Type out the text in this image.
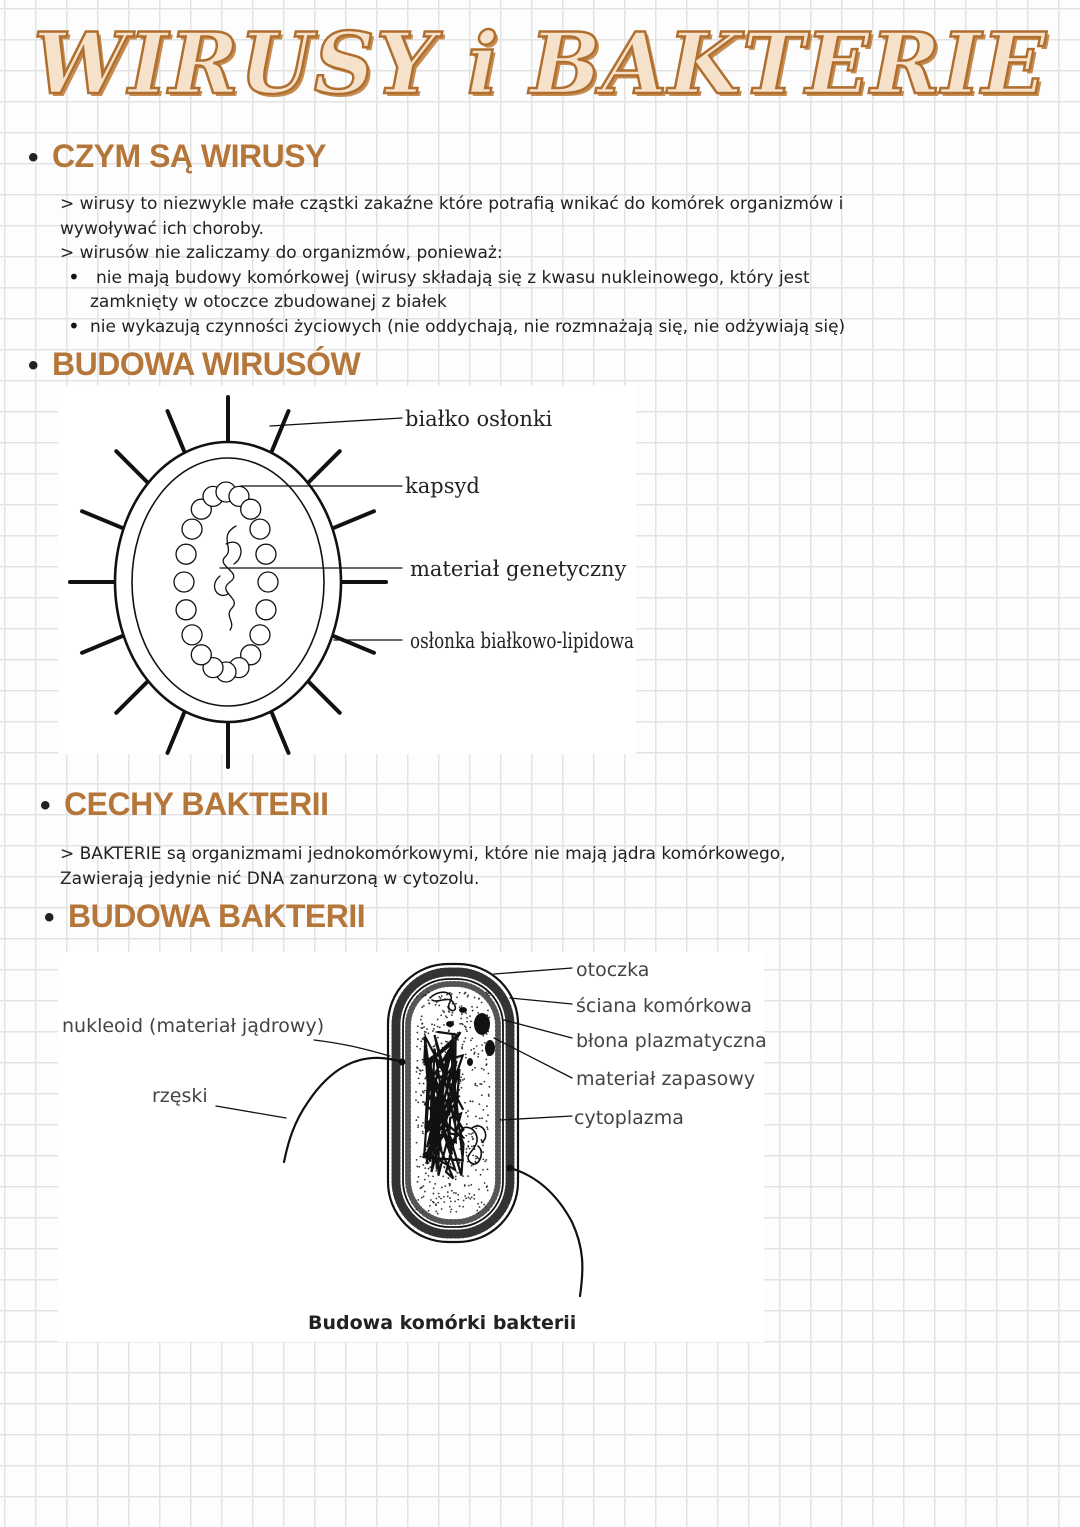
WIRUSY i BAKTERIE
• CZYM SĄ WIRUSY
> wirusy to niezwykle małe cząstki zakaźne które potrafią wnikać do komórek organizmów i
wywoływać ich choroby.
> wirusów nie zaliczamy do organizmów, ponieważ:
• nie mają budowy komórkowej (wirusy składają się z kwasu nukleinowego, który jest
zamknięty w otoczce zbudowanej z białek
• nie wykazują czynności życiowych (nie oddychają, nie rozmnażają się, nie odżywiają się)
• BUDOWA WIRUSÓW
białko osłonki
kapsyd
materiał genetyczny
osłonka białkowo-lipidowa
• CECHY BAKTERII
> BAKTERIE są organizmami jednokomórkowymi, które nie mają jądra komórkowego,
Zawierają jedynie nić DNA zanurzoną w cytozolu.
• BUDOWA BAKTERII
otoczka
ściana komórkowa
błona plazmatyczna
materiał zapasowy
cytoplazma
nukleoid (materiał jądrowy)
rzęski
Budowa komórki bakterii
